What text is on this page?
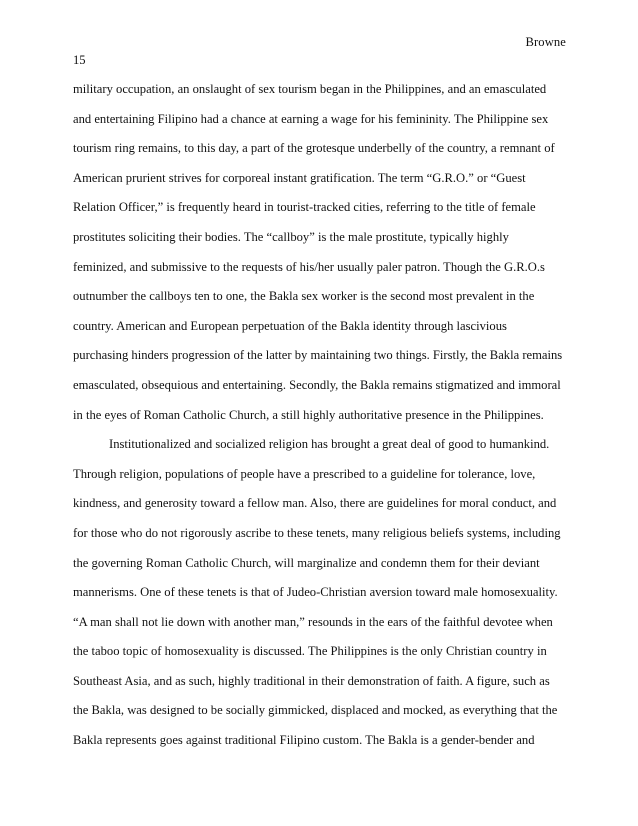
Browne
15
military occupation, an onslaught of sex tourism began in the Philippines, and an emasculated
and entertaining Filipino had a chance at earning a wage for his femininity. The Philippine sex
tourism ring remains, to this day, a part of the grotesque underbelly of the country, a remnant of
American prurient strives for corporeal instant gratification. The term “G.R.O.” or “Guest
Relation Officer,” is frequently heard in tourist-tracked cities, referring to the title of female
prostitutes soliciting their bodies. The “callboy” is the male prostitute, typically highly
feminized, and submissive to the requests of his/her usually paler patron. Though the G.R.O.s
outnumber the callboys ten to one, the Bakla sex worker is the second most prevalent in the
country. American and European perpetuation of the Bakla identity through lascivious
purchasing hinders progression of the latter by maintaining two things. Firstly, the Bakla remains
emasculated, obsequious and entertaining. Secondly, the Bakla remains stigmatized and immoral
in the eyes of Roman Catholic Church, a still highly authoritative presence in the Philippines.
Institutionalized and socialized religion has brought a great deal of good to humankind.
Through religion, populations of people have a prescribed to a guideline for tolerance, love,
kindness, and generosity toward a fellow man. Also, there are guidelines for moral conduct, and
for those who do not rigorously ascribe to these tenets, many religious beliefs systems, including
the governing Roman Catholic Church, will marginalize and condemn them for their deviant
mannerisms. One of these tenets is that of Judeo-Christian aversion toward male homosexuality.
“A man shall not lie down with another man,” resounds in the ears of the faithful devotee when
the taboo topic of homosexuality is discussed. The Philippines is the only Christian country in
Southeast Asia, and as such, highly traditional in their demonstration of faith. A figure, such as
the Bakla, was designed to be socially gimmicked, displaced and mocked, as everything that the
Bakla represents goes against traditional Filipino custom. The Bakla is a gender-bender and
